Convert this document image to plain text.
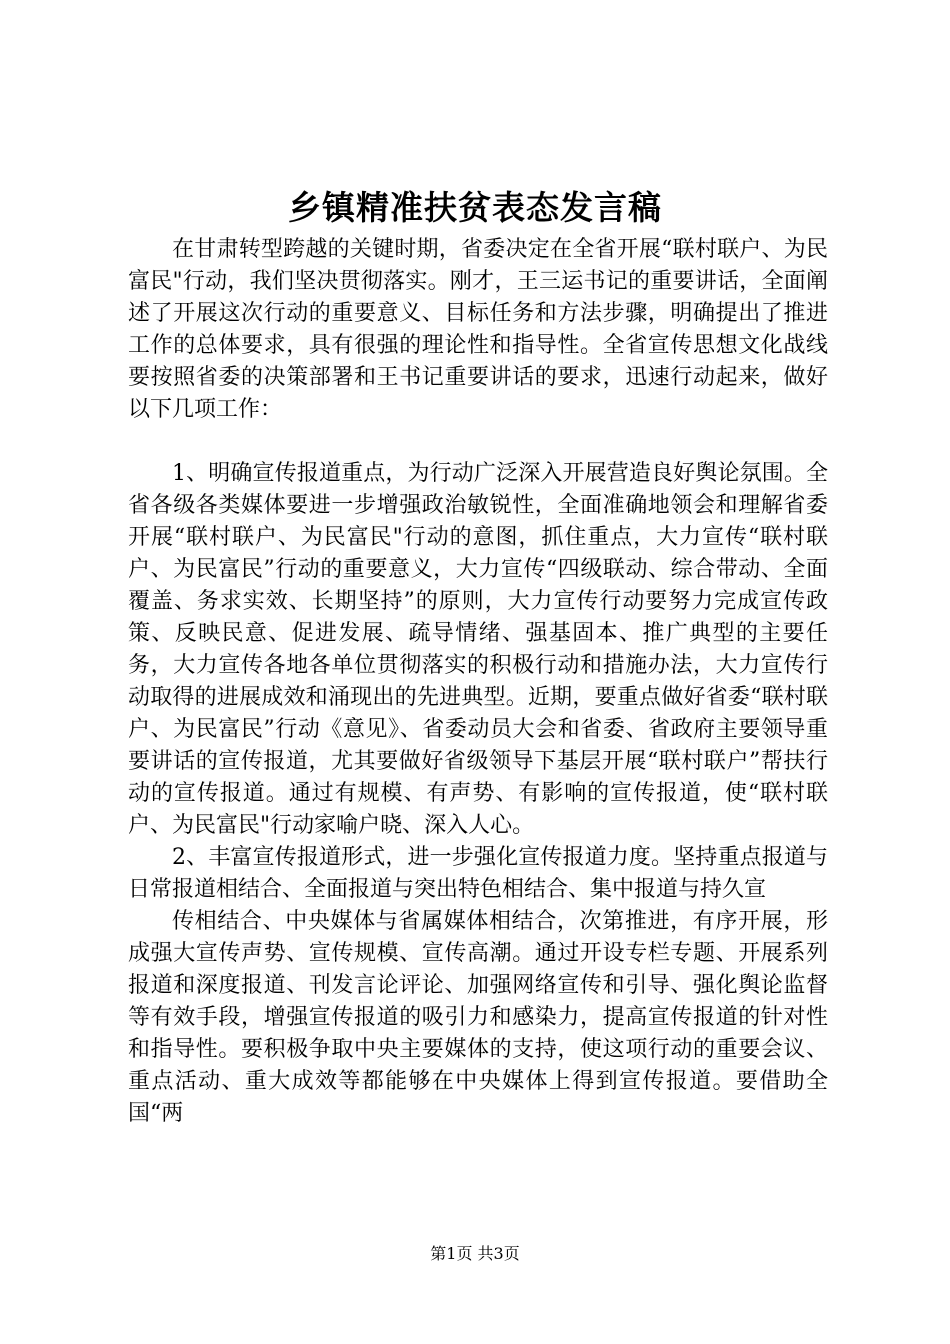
乡镇精准扶贫表态发言稿

在甘肃转型跨越的关键时期，省委决定在全省开展“联村联户、为民富民"行动，我们坚决贯彻落实。刚才，王三运书记的重要讲话，全面阐述了开展这次行动的重要意义、目标任务和方法步骤，明确提出了推进工作的总体要求，具有很强的理论性和指导性。全省宣传思想文化战线要按照省委的决策部署和王书记重要讲话的要求，迅速行动起来，做好以下几项工作：

1、明确宣传报道重点，为行动广泛深入开展营造良好舆论氛围。全省各级各类媒体要进一步增强政治敏锐性，全面准确地领会和理解省委开展“联村联户、为民富民"行动的意图，抓住重点，大力宣传“联村联户、为民富民”行动的重要意义，大力宣传“四级联动、综合带动、全面覆盖、务求实效、长期坚持”的原则，大力宣传行动要努力完成宣传政策、反映民意、促进发展、疏导情绪、强基固本、推广典型的主要任务，大力宣传各地各单位贯彻落实的积极行动和措施办法，大力宣传行动取得的进展成效和涌现出的先进典型。近期，要重点做好省委“联村联户、为民富民”行动《意见》、省委动员大会和省委、省政府主要领导重要讲话的宣传报道，尤其要做好省级领导下基层开展“联村联户”帮扶行动的宣传报道。通过有规模、有声势、有影响的宣传报道，使“联村联户、为民富民"行动家喻户晓、深入人心。

2、丰富宣传报道形式，进一步强化宣传报道力度。坚持重点报道与日常报道相结合、全面报道与突出特色相结合、集中报道与持久宣

传相结合、中央媒体与省属媒体相结合，次第推进，有序开展，形成强大宣传声势、宣传规模、宣传高潮。通过开设专栏专题、开展系列报道和深度报道、刊发言论评论、加强网络宣传和引导、强化舆论监督等有效手段，增强宣传报道的吸引力和感染力，提高宣传报道的针对性和指导性。要积极争取中央主要媒体的支持，使这项行动的重要会议、重点活动、重大成效等都能够在中央媒体上得到宣传报道。要借助全国“两

第1页 共3页
